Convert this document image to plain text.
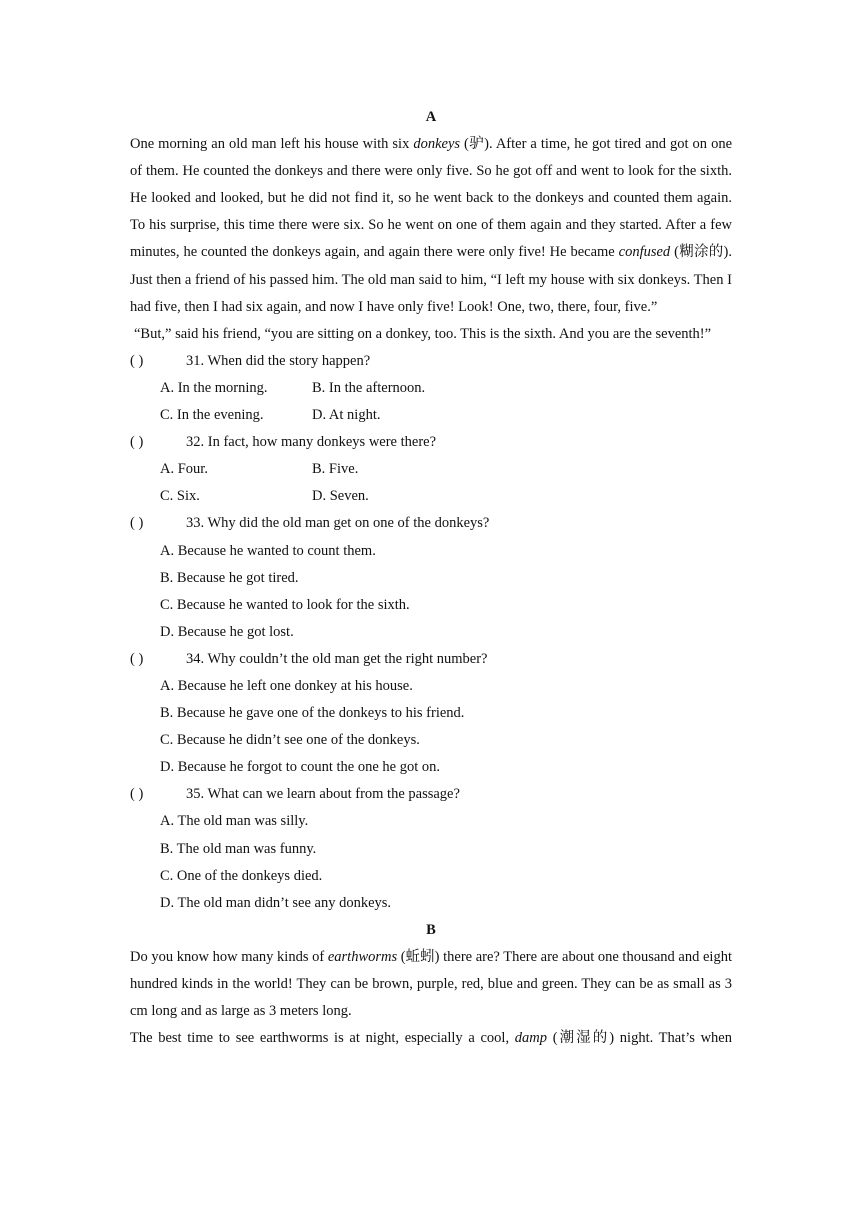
A
One morning an old man left his house with six donkeys (驴). After a time, he got tired and got on one of them. He counted the donkeys and there were only five. So he got off and went to look for the sixth. He looked and looked, but he did not find it, so he went back to the donkeys and counted them again. To his surprise, this time there were six. So he went on one of them again and they started. After a few minutes, he counted the donkeys again, and again there were only five! He became confused (糊涂的). Just then a friend of his passed him. The old man said to him, “I left my house with six donkeys. Then I had five, then I had six again, and now I have only five! Look! One, two, there, four, five.”
“But,” said his friend, “you are sitting on a donkey, too. This is the sixth. And you are the seventh!”
( )	31. When did the story happen?
A. In the morning.	B. In the afternoon.
C. In the evening.	D. At night.
( )	32. In fact, how many donkeys were there?
A. Four.	B. Five.
C. Six.	D. Seven.
( )	33. Why did the old man get on one of the donkeys?
A. Because he wanted to count them.
B. Because he got tired.
C. Because he wanted to look for the sixth.
D. Because he got lost.
( )	34. Why couldn’t the old man get the right number?
A. Because he left one donkey at his house.
B. Because he gave one of the donkeys to his friend.
C. Because he didn’t see one of the donkeys.
D. Because he forgot to count the one he got on.
( )	35. What can we learn about from the passage?
A. The old man was silly.
B. The old man was funny.
C. One of the donkeys died.
D. The old man didn’t see any donkeys.
B
Do you know how many kinds of earthworms (蚯蚓) there are? There are about one thousand and eight hundred kinds in the world! They can be brown, purple, red, blue and green. They can be as small as 3 cm long and as large as 3 meters long.
The best time to see earthworms is at night, especially a cool, damp (潮湿的) night. That’s when
